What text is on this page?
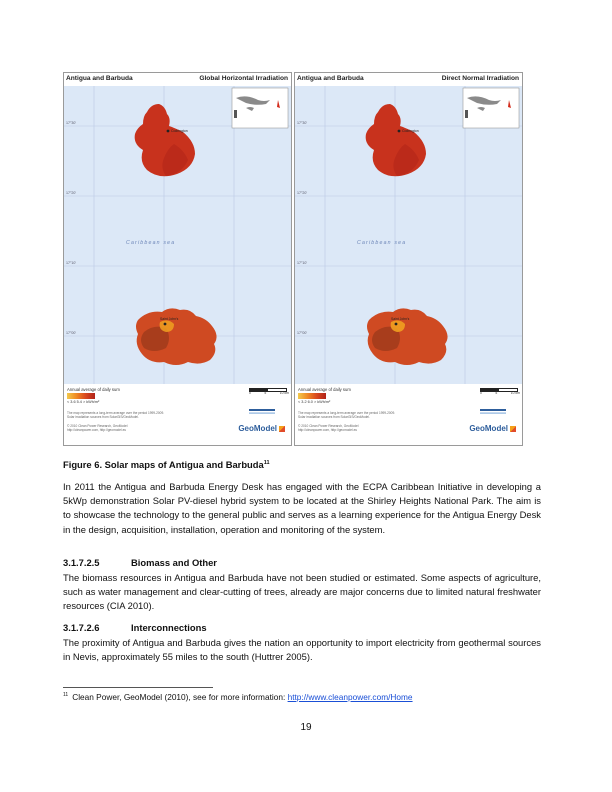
Antigua and Barbuda	Global Horizontal Irradiation
17°30'
17°20'
17°10'
17°00'
Codrington
Caribbean sea
Saint John's
Annual average of daily sum
< 3.6 5.4 > kWh/m²
The map represents a long-term average over the period 1999-2009.
Solar irradiation sources from SolarGIS/GeoModel.
© 2010 Clean Power Research, GeoModel
http://cleanpower.com, http://geomodel.eu
0	5	10 km
GeoModel
Antigua and Barbuda	Direct Normal Irradiation
17°30'
17°20'
17°10'
17°00'
Codrington
Caribbean sea
Saint John's
Annual average of daily sum
< 3.2 6.0 > kWh/m²
The map represents a long-term average over the period 1999-2009.
Solar irradiation sources from SolarGIS/GeoModel.
© 2010 Clean Power Research, GeoModel
http://cleanpower.com, http://geomodel.eu
0	5	10 km
GeoModel
Figure 6. Solar maps of Antigua and Barbuda$^{11}$

In 2011 the Antigua and Barbuda Energy Desk has engaged with the ECPA Caribbean Initiative in developing a 5kWp demonstration Solar PV-diesel hybrid system to be located at the Shirley Heights National Park. The aim is to showcase the technology to the general public and serves as a learning experience for the Antigua Energy Desk in the design, acquisition, installation, operation and monitoring of the system.

3.1.7.2.5	Biomass and Other

The biomass resources in Antigua and Barbuda have not been studied or estimated. Some aspects of agriculture, such as water management and clear-cutting of trees, already are major concerns due to limited natural freshwater resources (CIA 2010).

3.1.7.2.6	Interconnections

The proximity of Antigua and Barbuda gives the nation an opportunity to import electricity from geothermal sources in Nevis, approximately 55 miles to the south (Huttrer 2005).

$^{11}$ Clean Power, GeoModel (2010), see for more information: http://www.cleanpower.com/Home
19
